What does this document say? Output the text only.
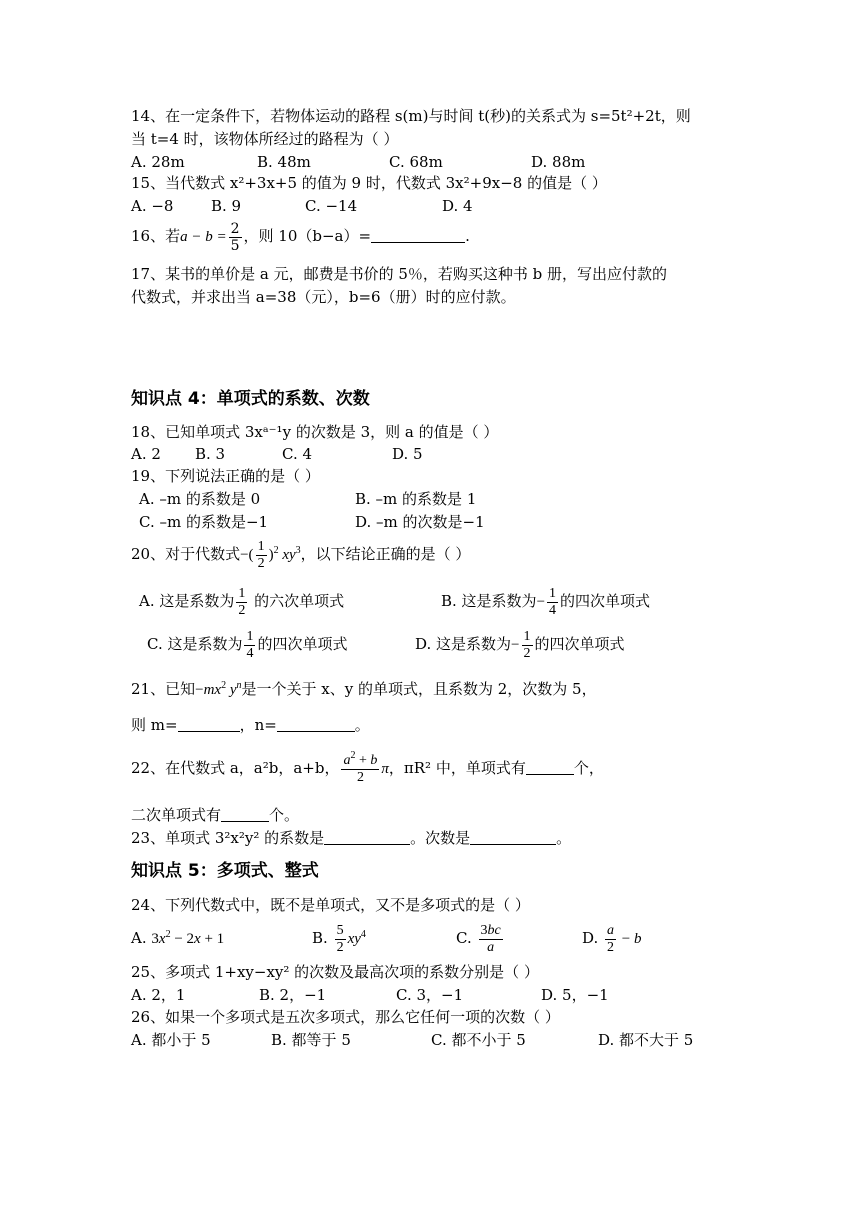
14、在一定条件下，若物体运动的路程 s(m)与时间 t(秒)的关系式为 s=5t²+2t，则
当 t=4 时，该物体所经过的路程为（ ）
A. 28m	B. 48m	C. 68m	D. 88m
15、当代数式 x²+3x+5 的值为 9 时，代数式 3x²+9x−8 的值是（ ）
A. −8	B. 9	C. −14	D. 4
16、若$a - b = \frac{2}{5}$ ，则 10（b−a）=	.
17、某书的单价是 a 元，邮费是书价的 5％，若购买这种书 b 册，写出应付款的
代数式，并求出当 a=38（元），b=6（册）时的应付款。
知识点 4：单项式的系数、次数
18、已知单项式 3xᵃ⁻¹y 的次数是 3，则 a 的值是（ ）
A. 2 B. 3	C. 4	D. 5
19、下列说法正确的是（ ）
A. –m 的系数是 0	B. –m 的系数是 1
C. –m 的系数是−1	D. –m 的次数是−1
20、对于代数式−( $\frac{1}{2} )^2$ $xy^3$，以下结论正确的是（ ）
A. 这是系数为 $\frac{1}{2}$ 的六次单项式	B. 这是系数为− $\frac{1}{4}$ 的四次单项式
C. 这是系数为 $\frac{1}{4}$ 的四次单项式	D. 这是系数为− $\frac{1}{2}$ 的四次单项式
21、已知$-mx^2$ $y^n$是一个关于 x、y 的单项式，且系数为 2，次数为 5，
则 m=	，n=	。
22、在代数式 a，a²b，a+b， $\frac{a^2 + b}{2}$ π，πR² 中，单项式有	个，
二次单项式有	个。
23、单项式 3²x²y² 的系数是	。次数是	。
知识点 5：多项式、整式
24、下列代数式中，既不是单项式，又不是多项式的是（ ）
A. $3x^2 - 2x + 1$	B. $\frac{5}{2} xy^4$	C. $\frac{3bc}{a}$	D. $\frac{a}{2} - b$
25、多项式 1+xy−xy² 的次数及最高次项的系数分别是（ ）
A. 2，1	B. 2，−1	C. 3，−1	D. 5，−1
26、如果一个多项式是五次多项式，那么它任何一项的次数（ ）
A. 都小于 5	B. 都等于 5	C. 都不小于 5	D. 都不大于 5
